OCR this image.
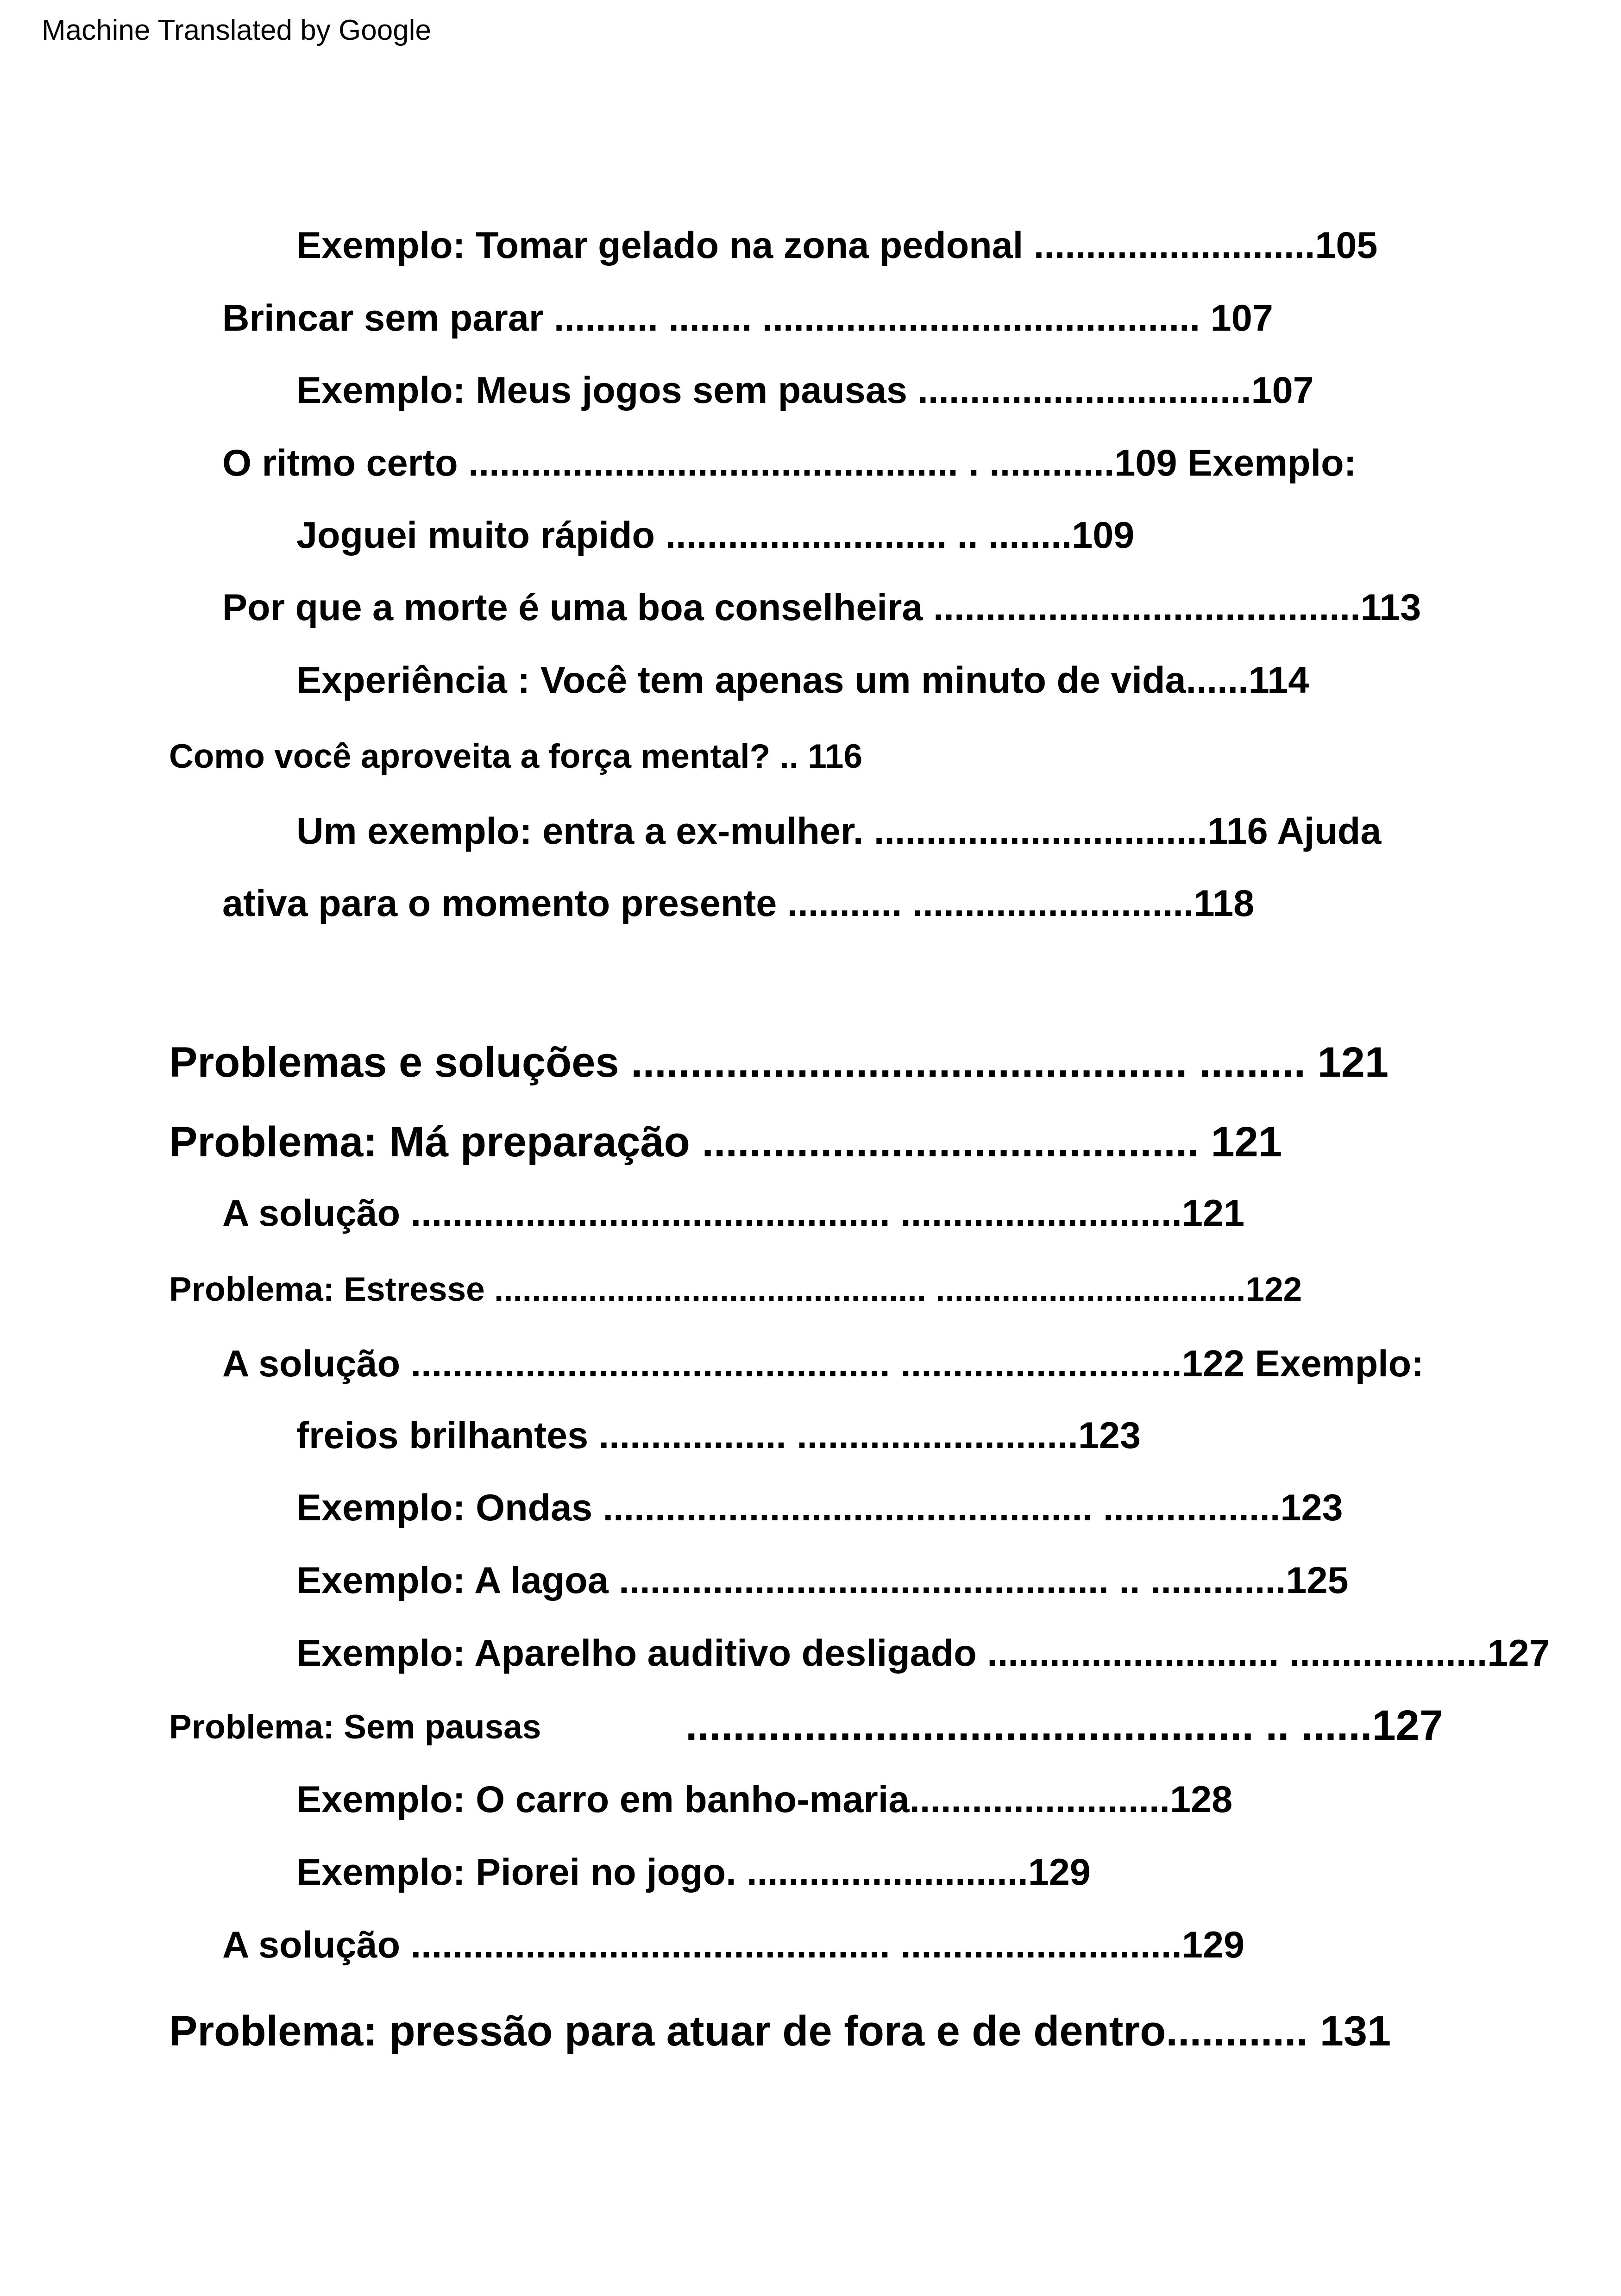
Machine Translated by Google
Exemplo: Tomar gelado na zona pedonal ...........................105
Brincar sem parar .......... ........ .......................................... 107
Exemplo: Meus jogos sem pausas ................................107
O ritmo certo ............................................... . ............109 Exemplo:
Joguei muito rápido ........................... .. ........109
Por que a morte é uma boa conselheira .........................................113
Experiência : Você tem apenas um minuto de vida......114
Como você aproveita a força mental? .. 116
Um exemplo: entra a ex-mulher. ................................116 Ajuda
ativa para o momento presente ........... ...........................118
Problemas e soluções ............................................... ......... 121
Problema: Má preparação .......................................... 121
A solução .............................................. ...........................121
Problema: Estresse .............................................. .................................122
A solução .............................................. ...........................122 Exemplo:
freios brilhantes .................. ...........................123
Exemplo: Ondas ............................................... .................123
Exemplo: A lagoa ............................................... .. .............125
Exemplo: Aparelho auditivo desligado ............................ ...................127
Problema: Sem pausas	................................................ .. ......127
Exemplo: O carro em banho-maria.........................128
Exemplo: Piorei no jogo. ...........................129
A solução .............................................. ...........................129
Problema: pressão para atuar de fora e de dentro............ 131
